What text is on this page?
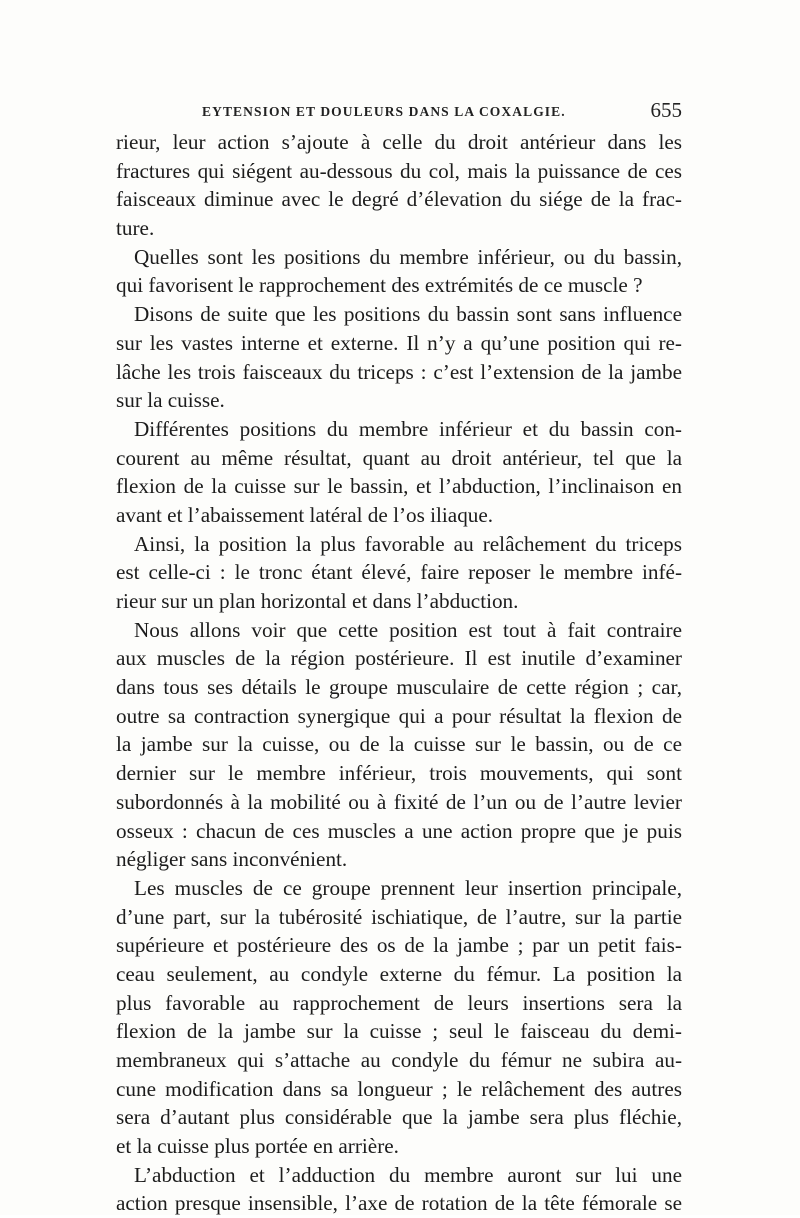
EYTENSION ET DOULEURS DANS LA COXALGIE.	655
rieur, leur action s’ajoute à celle du droit antérieur dans les
fractures qui siégent au-dessous du col, mais la puissance de ces
faisceaux diminue avec le degré d’élevation du siége de la frac-
ture.
Quelles sont les positions du membre inférieur, ou du bassin,
qui favorisent le rapprochement des extrémités de ce muscle ?
Disons de suite que les positions du bassin sont sans influence
sur les vastes interne et externe. Il n’y a qu’une position qui re-
lâche les trois faisceaux du triceps : c’est l’extension de la jambe
sur la cuisse.
Différentes positions du membre inférieur et du bassin con-
courent au même résultat, quant au droit antérieur, tel que la
flexion de la cuisse sur le bassin, et l’abduction, l’inclinaison en
avant et l’abaissement latéral de l’os iliaque.
Ainsi, la position la plus favorable au relâchement du triceps
est celle-ci : le tronc étant élevé, faire reposer le membre infé-
rieur sur un plan horizontal et dans l’abduction.
Nous allons voir que cette position est tout à fait contraire
aux muscles de la région postérieure. Il est inutile d’examiner
dans tous ses détails le groupe musculaire de cette région ; car,
outre sa contraction synergique qui a pour résultat la flexion de
la jambe sur la cuisse, ou de la cuisse sur le bassin, ou de ce
dernier sur le membre inférieur, trois mouvements, qui sont
subordonnés à la mobilité ou à fixité de l’un ou de l’autre levier
osseux : chacun de ces muscles a une action propre que je puis
négliger sans inconvénient.
Les muscles de ce groupe prennent leur insertion principale,
d’une part, sur la tubérosité ischiatique, de l’autre, sur la partie
supérieure et postérieure des os de la jambe ; par un petit fais-
ceau seulement, au condyle externe du fémur. La position la
plus favorable au rapprochement de leurs insertions sera la
flexion de la jambe sur la cuisse ; seul le faisceau du demi-
membraneux qui s’attache au condyle du fémur ne subira au-
cune modification dans sa longueur ; le relâchement des autres
sera d’autant plus considérable que la jambe sera plus fléchie,
et la cuisse plus portée en arrière.
L’abduction et l’adduction du membre auront sur lui une
action presque insensible, l’axe de rotation de la tête fémorale se
